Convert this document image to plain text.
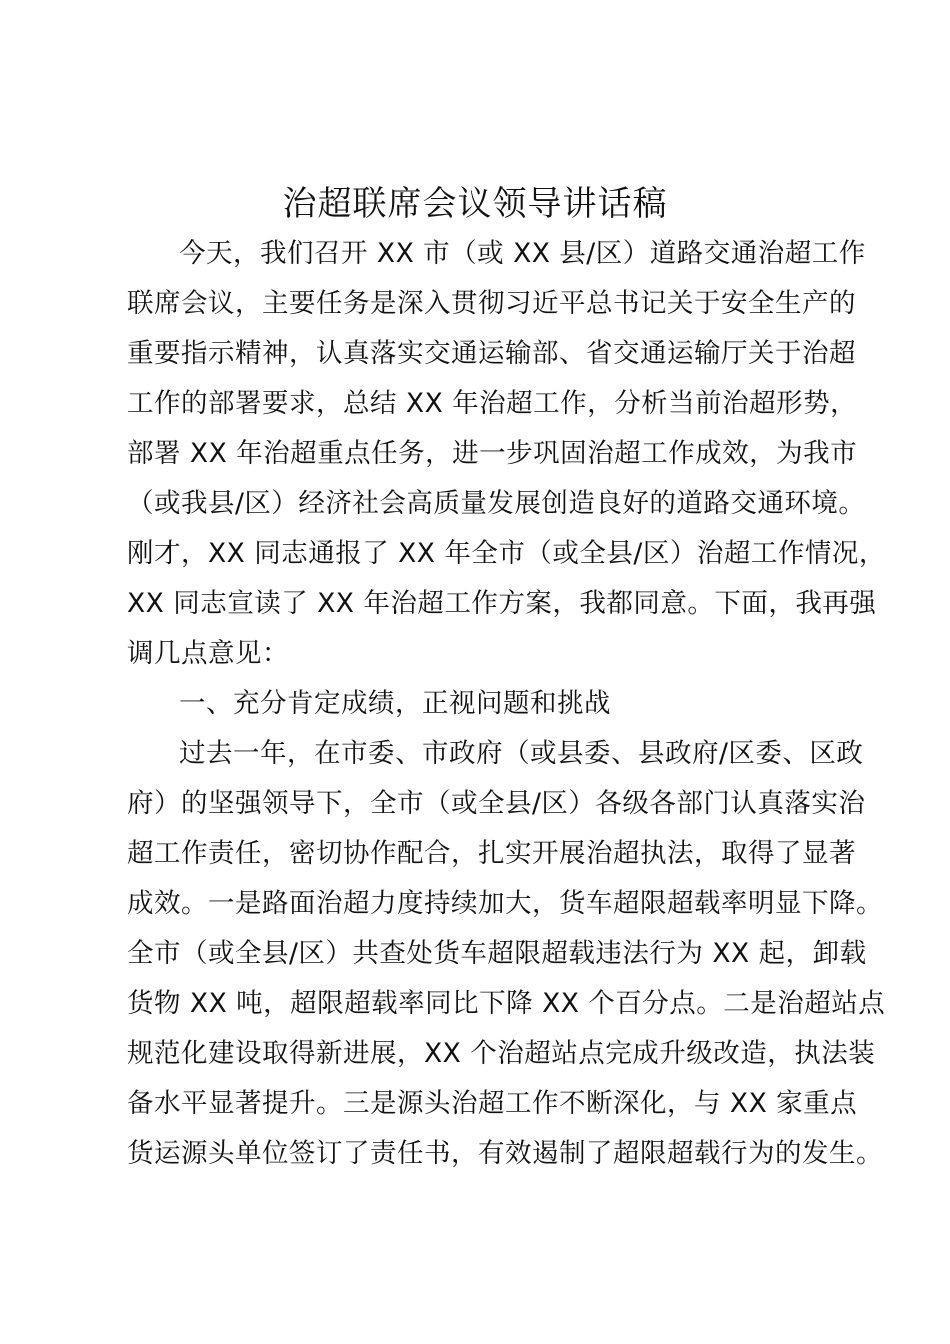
治超联席会议领导讲话稿
今天，我们召开 XX 市（或 XX 县/区）道路交通治超工作
联席会议，主要任务是深入贯彻习近平总书记关于安全生产的
重要指示精神，认真落实交通运输部、省交通运输厅关于治超
工作的部署要求，总结 XX 年治超工作，分析当前治超形势，
部署 XX 年治超重点任务，进一步巩固治超工作成效，为我市
（或我县/区）经济社会高质量发展创造良好的道路交通环境。
刚才，XX 同志通报了 XX 年全市（或全县/区）治超工作情况，
XX 同志宣读了 XX 年治超工作方案，我都同意。下面，我再强
调几点意见：
一、充分肯定成绩，正视问题和挑战
过去一年，在市委、市政府（或县委、县政府/区委、区政
府）的坚强领导下，全市（或全县/区）各级各部门认真落实治
超工作责任，密切协作配合，扎实开展治超执法，取得了显著
成效。一是路面治超力度持续加大，货车超限超载率明显下降。
全市（或全县/区）共查处货车超限超载违法行为 XX 起，卸载
货物 XX 吨，超限超载率同比下降 XX 个百分点。二是治超站点
规范化建设取得新进展，XX 个治超站点完成升级改造，执法装
备水平显著提升。三是源头治超工作不断深化，与 XX 家重点
货运源头单位签订了责任书，有效遏制了超限超载行为的发生。
